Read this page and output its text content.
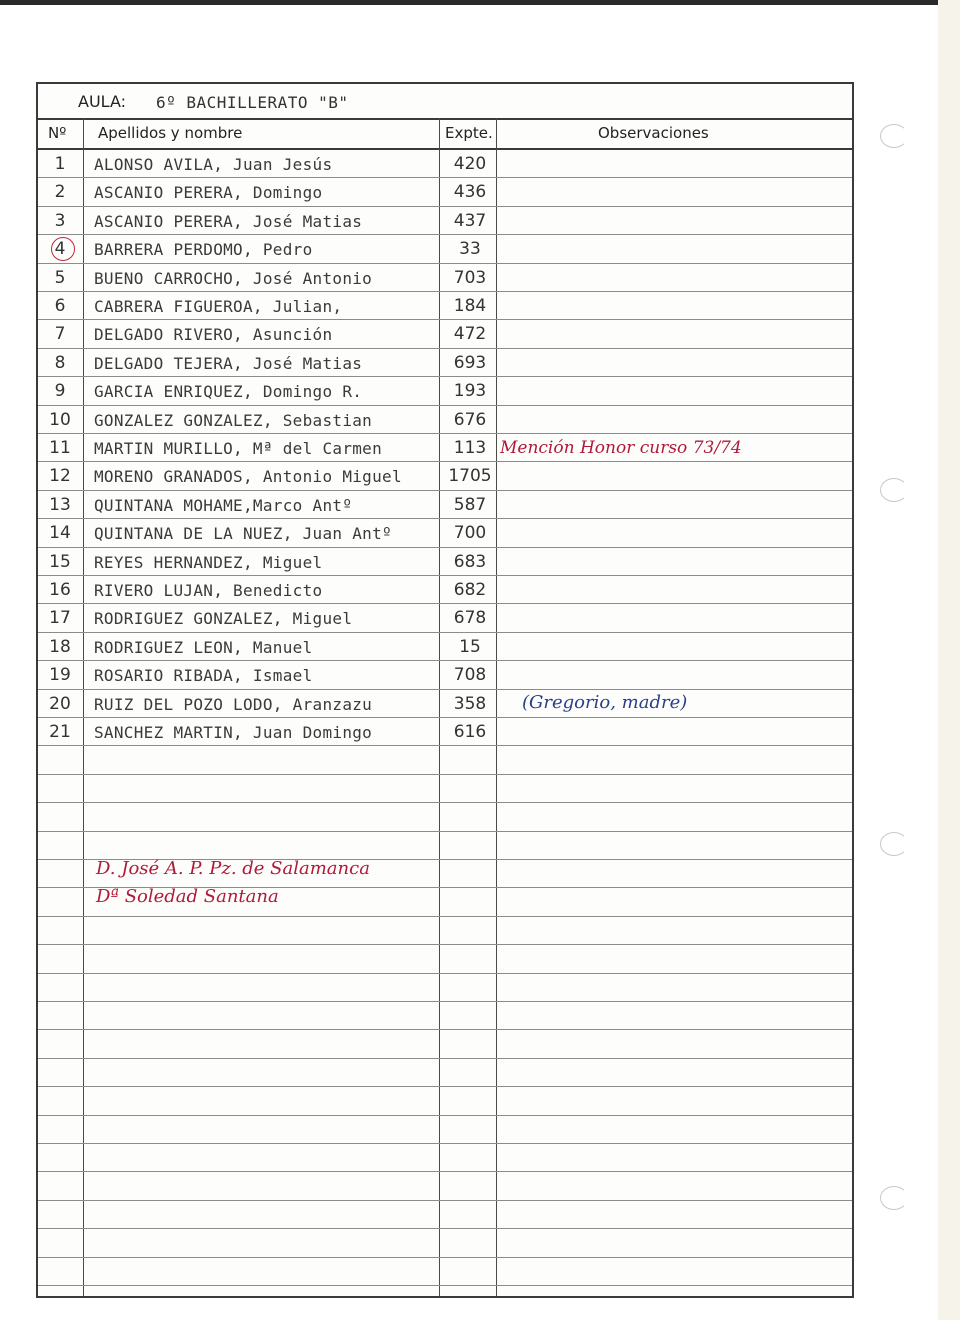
AULA: 6º BACHILLERATO "B"
Nº Apellidos y nombre	Expte.	Observaciones
1	ALONSO AVILA, Juan Jesús	420
2	ASCANIO PERERA, Domingo	436
3	ASCANIO PERERA, José Matias	437
4	BARRERA PERDOMO, Pedro	33
5	BUENO CARROCHO, José Antonio	703
6	CABRERA FIGUEROA, Julian,	184
7	DELGADO RIVERO, Asunción	472
8	DELGADO TEJERA, José Matias	693
9	GARCIA ENRIQUEZ, Domingo R.	193
10	GONZALEZ GONZALEZ, Sebastian	676
11	MARTIN MURILLO, Mª del Carmen	113 Mención Honor curso 73/74
12	MORENO GRANADOS, Antonio Miguel	1705
13	QUINTANA MOHAME,Marco Antº	587
14	QUINTANA DE LA NUEZ, Juan Antº	700
15	REYES HERNANDEZ, Miguel	683
16	RIVERO LUJAN, Benedicto	682
17	RODRIGUEZ GONZALEZ, Miguel	678
18	RODRIGUEZ LEON, Manuel	15
19	ROSARIO RIBADA, Ismael	708
20	RUIZ DEL POZO LODO, Aranzazu	358	(Gregorio, madre)
21	SANCHEZ MARTIN, Juan Domingo	616
D. José A. P. Pz. de Salamanca
Dª Soledad Santana
